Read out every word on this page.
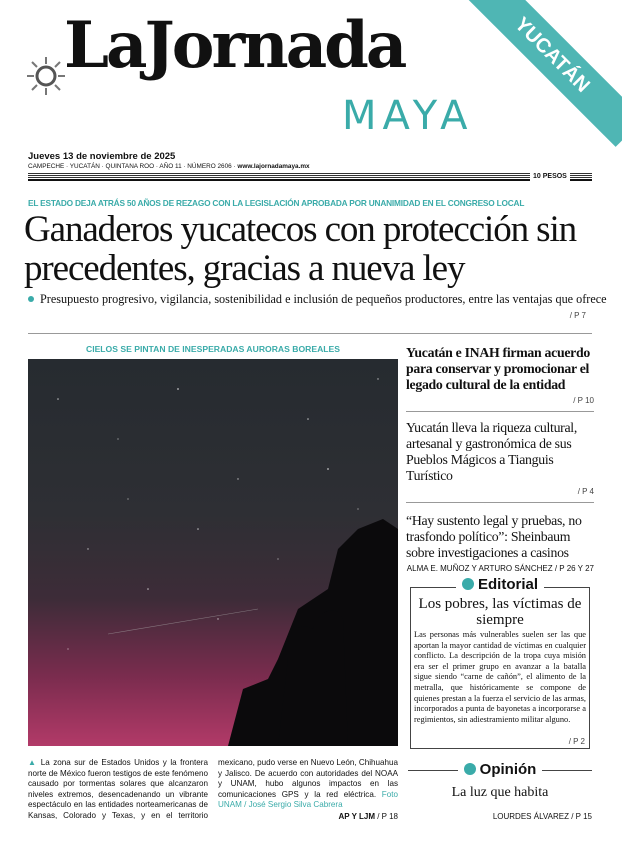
YUCATÁN
LaJornada
MAYA
Jueves 13 de noviembre de 2025
CAMPECHE · YUCATÁN · QUINTANA ROO · AÑO 11 · NÚMERO 2606 · www.lajornadamaya.mx
10 PESOS
EL ESTADO DEJA ATRÁS 50 AÑOS DE REZAGO CON LA LEGISLACIÓN APROBADA POR UNANIMIDAD EN EL CONGRESO LOCAL
Ganaderos yucatecos con protección sin precedentes, gracias a nueva ley
Presupuesto progresivo, vigilancia, sostenibilidad e inclusión de pequeños productores, entre las ventajas que ofrece
/ P 7
CIELOS SE PINTAN DE INESPERADAS AURORAS BOREALES
▲ La zona sur de Estados Unidos y la frontera norte de México fueron testigos de este fenómeno causado por tormentas solares que alcanzaron niveles extremos, desencadenando un vibrante espectáculo en las entidades norteamericanas de Kansas, Colorado y Texas, y en el territorio mexicano, pudo verse en Nuevo León, Chihuahua y Jalisco. De acuerdo con autoridades del NOAA y UNAM, hubo algunos impactos en las comunicaciones GPS y la red eléctrica. Foto UNAM / José Sergio Silva Cabrera
AP Y LJM / P 18
Yucatán e INAH firman acuerdo para conservar y promocionar el legado cultural de la entidad
/ P 10
Yucatán lleva la riqueza cultural, artesanal y gastronómica de sus Pueblos Mágicos a Tianguis Turístico
/ P 4
“Hay sustento legal y pruebas, no trasfondo político”: Sheinbaum sobre investigaciones a casinos
ALMA E. MUÑOZ Y ARTURO SÁNCHEZ / P 26 Y 27
Editorial
Los pobres, las víctimas de siempre
Las personas más vulnerables suelen ser las que aportan la mayor cantidad de víctimas en cualquier conflicto. La descripción de la tropa cuya misión era ser el primer grupo en avanzar a la batalla sigue siendo “carne de cañón”, el alimento de la metralla, que históricamente se compone de quienes prestan a la fuerza el servicio de las armas, incorporados a punta de bayonetas a incorporarse a regimientos, sin adiestramiento militar alguno.
/ P 2
Opinión
La luz que habita
LOURDES ÁLVAREZ / P 15
